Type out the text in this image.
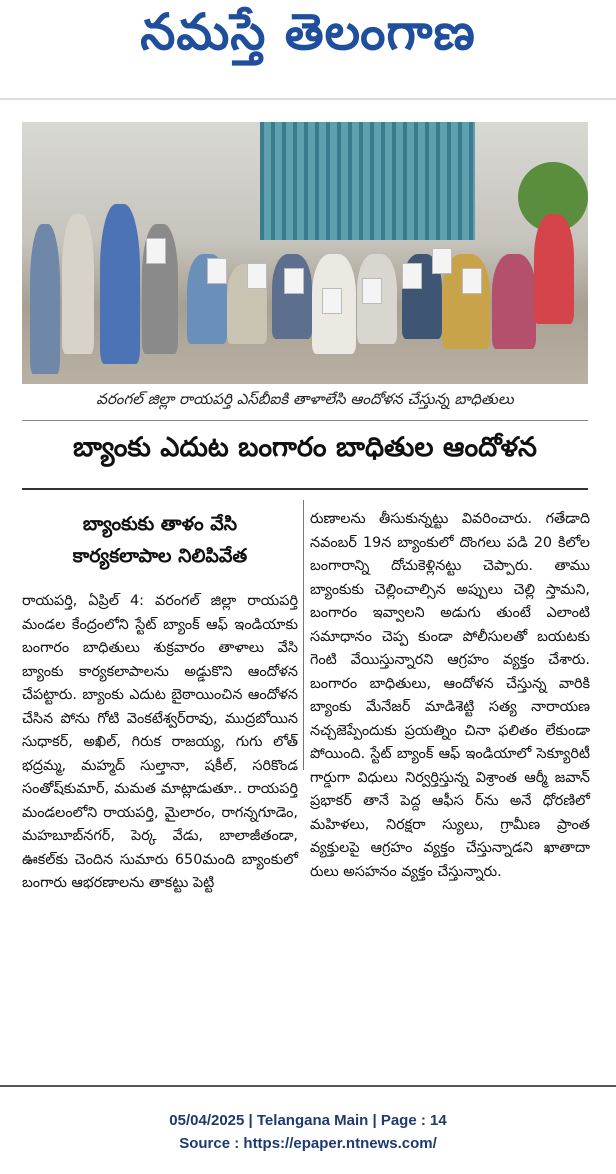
నమస్తే తెలంగాణ
వరంగల్‌ జిల్లా రాయపర్తి ఎస్‌బీఐకి తాళాలేసి ఆందోళన చేస్తున్న బాధితులు
బ్యాంకు ఎదుట బంగారం బాధితుల ఆందోళన
బ్యాంకుకు తాళం వేసి
కార్యకలాపాల నిలిపివేత
రాయపర్తి, ఏప్రిల్‌ 4: వరంగల్‌ జిల్లా రాయపర్తి మండల కేంద్రంలోని స్టేట్‌ బ్యాంక్‌ ఆఫ్‌ ఇండియాకు బంగారం బాధితులు శుక్రవారం తాళాలు వేసి బ్యాంకు కార్యకలాపాలను అడ్డుకొని ఆందోళన చేపట్టారు. బ్యాంకు ఎదుట బైఠాయించిన ఆందోళన చేసిన పోను గోటి వెంకటేశ్వర్‌రావు, ముద్రబోయిన సుధాకర్‌, అఖిల్‌, గిరుక రాజయ్య, గుగు లోత్‌ భద్రమ్మ, మహ్మద్‌ సుల్తానా, షకీల్‌, సరికొండ సంతోష్‌కుమార్‌, మమత మాట్లాడుతూ.. రాయపర్తి మండలంలోని రాయపర్తి, మైలారం, రాగన్నగూడెం, మహబూబ్‌నగర్‌, పెర్క వేడు, బాలాజీతండా, ఊకల్‌కు చెందిన సుమారు 650మంది బ్యాంకులో బంగారు ఆభరణాలను తాకట్టు పెట్టి
రుణాలను తీసుకున్నట్టు వివరించారు. గతేడాది నవంబర్‌ 19న బ్యాంకులో దొంగలు పడి 20 కిలోల బంగారాన్ని దోచుకెళ్లినట్టు చెప్పారు. తాము బ్యాంకుకు చెల్లించాల్సిన అప్పులు చెల్లి స్తామని, బంగారం ఇవ్వాలని అడుగు తుంటే ఎలాంటి సమాధానం చెప్ప కుండా పోలీసులతో బయటకు గెంటి వేయిస్తున్నారని ఆగ్రహం వ్యక్తం చేశారు. బంగారం బాధితులు, ఆందోళన చేస్తున్న వారికి బ్యాంకు మేనేజర్‌ మాడిశెట్టి సత్య నారాయణ నచ్చజెప్పేందుకు ప్రయత్నిం చినా ఫలితం లేకుండా పోయింది. స్టేట్‌ బ్యాంక్‌ ఆఫ్‌ ఇండియాలో సెక్యూరిటీ గార్డుగా విధులు నిర్వర్తిస్తున్న విశ్రాంత ఆర్మీ జవాన్‌ ప్రభాకర్‌ తానే పెద్ద ఆఫీస ర్‌ను అనే ధోరణిలో మహిళలు, నిరక్షరా స్యులు, గ్రామీణ ప్రాంత వ్యక్తులపై ఆగ్రహం వ్యక్తం చేస్తున్నాడని ఖాతాదా రులు అసహనం వ్యక్తం చేస్తున్నారు.
05/04/2025 | Telangana Main | Page : 14
Source : https://epaper.ntnews.com/
